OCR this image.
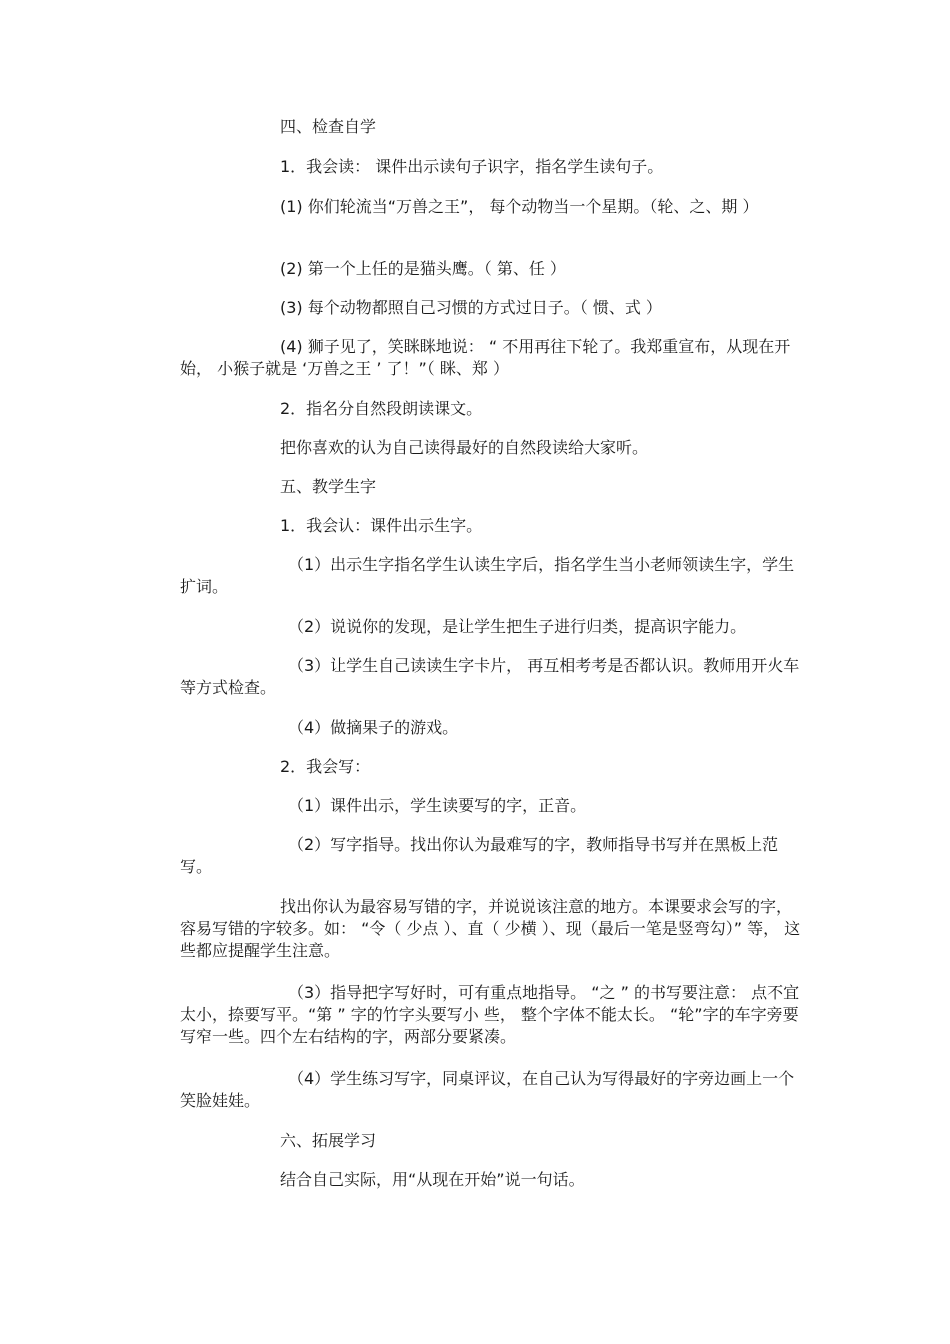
四、检查自学
1．我会读： 课件出示读句子识字，指名学生读句子。
(1) 你们轮流当“万兽之王”， 每个动物当一个星期。（轮、之、期 ）
(2) 第一个上任的是猫头鹰。（ 第、任 ）
(3) 每个动物都照自己习惯的方式过日子。（ 惯、式 ）
(4) 狮子见了，笑眯眯地说： “ 不用再往下轮了。我郑重宣布，从现在开始， 小猴子就是 ‘万兽之王 ’ 了！”（ 眯、郑 ）
2．指名分自然段朗读课文。
把你喜欢的认为自己读得最好的自然段读给大家听。
五、教学生字
1．我会认：课件出示生字。
（1）出示生字指名学生认读生字后，指名学生当小老师领读生字，学生扩词。
（2）说说你的发现，是让学生把生子进行归类，提高识字能力。
（3）让学生自己读读生字卡片， 再互相考考是否都认识。教师用开火车等方式检查。
（4）做摘果子的游戏。
2．我会写：
（1）课件出示，学生读要写的字，正音。
（2）写字指导。找出你认为最难写的字，教师指导书写并在黑板上范写。
找出你认为最容易写错的字，并说说该注意的地方。本课要求会写的字， 容易写错的字较多。如： “令（ 少点 ）、直（ 少横 ）、现（最后一笔是竖弯勾）” 等， 这些都应提醒学生注意。
（3）指导把字写好时，可有重点地指导。 “之 ” 的书写要注意： 点不宜太小，捺要写平。“第 ” 字的竹字头要写小 些， 整个字体不能太长。 “轮”字的车字旁要写窄一些。四个左右结构的字，两部分要紧凑。
（4）学生练习写字，同桌评议，在自己认为写得最好的字旁边画上一个笑脸娃娃。
六、拓展学习
结合自己实际，用“从现在开始”说一句话。
